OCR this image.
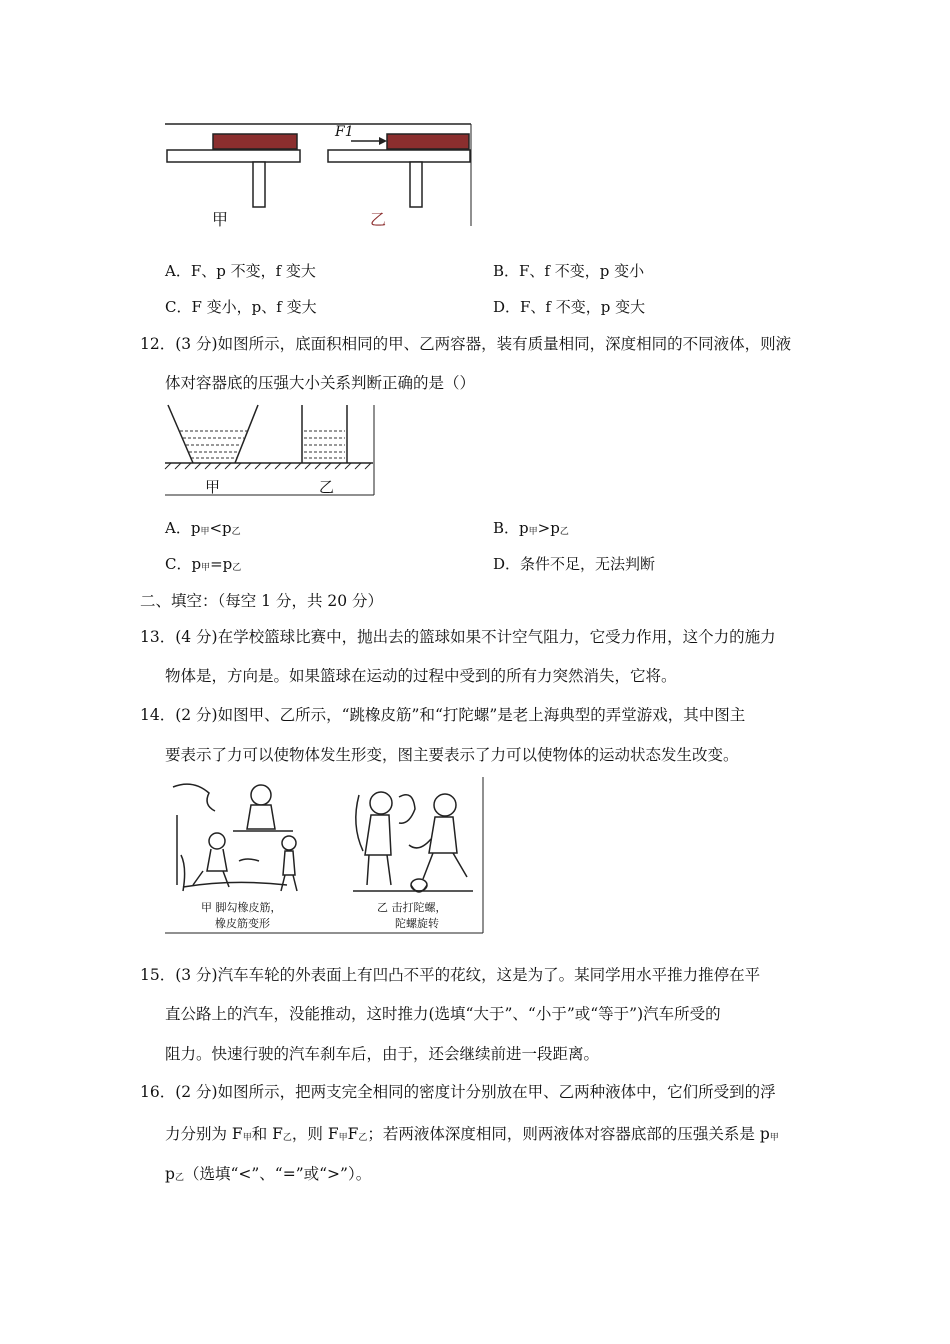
F1
甲	乙
A．F、p 不变，f 变大	B．F、f 不变，p 变小
C．F 变小，p、f 变大	D．F、f 不变，p 变大
12．(3 分)如图所示，底面积相同的甲、乙两容器，装有质量相同，深度相同的不同液体，则液
体对容器底的压强大小关系判断正确的是（）
甲	乙
A．$p_甲<p_乙$	B．$p_甲>p_乙$
C．$p_甲=p_乙$	D．条件不足，无法判断
二、填空：（每空 1 分，共 20 分）
13．(4 分)在学校篮球比赛中，抛出去的篮球如果不计空气阻力，它受力作用，这个力的施力
物体是，方向是。如果篮球在运动的过程中受到的所有力突然消失，它将。
14．(2 分)如图甲、乙所示，“跳橡皮筋”和“打陀螺”是老上海典型的弄堂游戏，其中图主
要表示了力可以使物体发生形变，图主要表示了力可以使物体的运动状态发生改变。
甲 脚勾橡皮筋，
橡皮筋变形
乙 击打陀螺，
陀螺旋转
15．(3 分)汽车车轮的外表面上有凹凸不平的花纹，这是为了。某同学用水平推力推停在平
直公路上的汽车，没能推动，这时推力(选填“大于”、“小于”或“等于”)汽车所受的
阻力。快速行驶的汽车刹车后，由于，还会继续前进一段距离。
16．(2 分)如图所示，把两支完全相同的密度计分别放在甲、乙两种液体中，它们所受到的浮
力分别为 $F_甲$和 $F_乙$，则 $F_甲F_乙$；若两液体深度相同，则两液体对容器底部的压强关系是 $p_甲$
$p_乙$（选填“<”、“=”或“>”）。
